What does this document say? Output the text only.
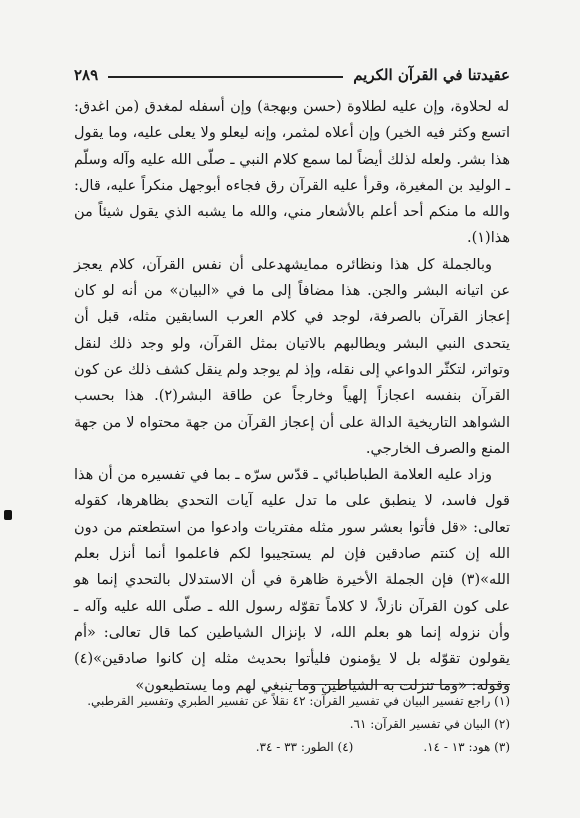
عقيدتنا في القرآن الكريم
٢٨٩

له لحلاوة، وإن عليه لطلاوة (حسن وبهجة) وإن أسفله لمغدق (من اغدق: اتسع وكثر فيه الخير) وإن أعلاه لمثمر، وإنه ليعلو ولا يعلى عليه، وما يقول هذا بشر. ولعله لذلك أيضاً لما سمع كلام النبي ـ صلّى الله عليه وآله وسلّم ـ الوليد بن المغيرة، وقرأ عليه القرآن رق فجاءه أبوجهل منكراً عليه، قال: والله ما منكم أحد أعلم بالأشعار مني، والله ما يشبه الذي يقول شيئاً من هذا(١).

وبالجملة كل هذا ونظائره ممايشهدعلى أن نفس القرآن، كلام يعجز عن اتيانه البشر والجن. هذا مضافاً إلى ما في «البيان» من أنه لو كان إعجاز القرآن بالصرفة، لوجد في كلام العرب السابقين مثله، قبل أن يتحدى النبي البشر ويطالبهم بالاتيان بمثل القرآن، ولو وجد ذلك لنقل وتواتر، لتكثّر الدواعي إلى نقله، وإذ لم يوجد ولم ينقل كشف ذلك عن كون القرآن بنفسه اعجازاً إلهياً وخارجاً عن طاقة البشر(٢). هذا بحسب الشواهد التاريخية الدالة على أن إعجاز القرآن من جهة محتواه لا من جهة المنع والصرف الخارجي.

وزاد عليه العلامة الطباطبائي ـ قدّس سرّه ـ بما في تفسيره من أن هذا قول فاسد، لا ينطبق على ما تدل عليه آيات التحدي بظاهرها، كقوله تعالى: «قل فأتوا بعشر سور مثله مفتريات وادعوا من استطعتم من دون الله إن كنتم صادقين فإن لم يستجيبوا لكم فاعلموا أنما أنزل بعلم الله»(٣) فإن الجملة الأخيرة ظاهرة في أن الاستدلال بالتحدي إنما هو على كون القرآن نازلاً، لا كلاماً تقوّله رسول الله ـ صلّى الله عليه وآله ـ وأن نزوله إنما هو بعلم الله، لا بإنزال الشياطين كما قال تعالى: «أم يقولون تقوّله بل لا يؤمنون فليأتوا بحديث مثله إن كانوا صادقين»(٤) وقوله: «وما تنزلت به الشياطين وما ينبغي لهم وما يستطيعون»

(١) راجع تفسير البيان في تفسير القرآن: ٤٢ نقلاً عن تفسير الطبري وتفسير القرطبي.
(٢) البيان في تفسير القرآن: ٦١.
(٣) هود: ١٣ - ١٤.
(٤) الطور: ٣٣ - ٣٤.
